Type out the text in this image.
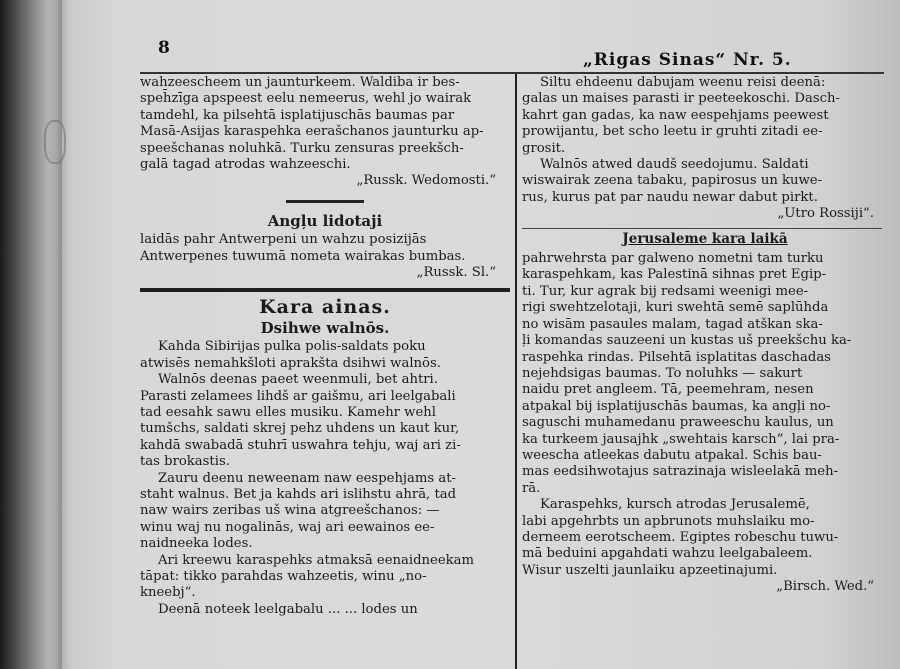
8
„Rigas Sinas“ Nr. 5.

wahzeescheem un jaunturkeem. Waldiba ir bes-

speh̄zīga apspeest eelu nemeerus, wehl jo wairak

tamdehl, ka pilsehtā isplatijuschās baumas par

Masā-Asijas karaspehka eerašchanos jaunturku ap-

speešchanas noluhkā. Turku zensuras preekšch-

galā tagad atrodas wahzeeschi.

„Russk. Wedomosti.“

Angļu lidotaji

laidās pahr Antwerpeni un wahzu posizijās

Antwerpenes tuwumā nometa wairakas bumbas.

„Russk. Sl.“

Kara ainas.

Dsihwe walnōs.

Kahda Sibirijas pulka polis-saldats poku

atwisēs nemahkšloti aprakšta dsihwi walnōs.

Walnōs deenas paeet weenmuli, bet ahtri.

Parasti zelamees lihdš ar gaišmu, ari leelgabali

tad eesahk sawu elles musiku. Kamehr wehl

tumšchs, saldati skrej pehz uhdens un kaut kur,

kahdā swabadā stuhrī uswahra tehju, waj ari zi-

tas brokastis.

Zauru deenu neweenam naw eespehjams at-

staht walnus. Bet ja kahds ari islihstu ahrā, tad

naw wairs zeribas uš wina atgreešchanos: —

winu waj nu nogalinās, waj ari eewainos ee-

naidneeka lodes.

Ari kreewu karaspehks atmaksā eenaidneekam

tāpat: tikko parahdas wahzeetis, winu „no-

kneebj“.

Deenā noteek leelgabalu ... ... lodes un

Siltu ehdeenu dabujam weenu reisi deenā:

galas un maises parasti ir peeteekoschi. Dasch-

kahrt gan gadas, ka naw eespehjams peewest

prowijantu, bet scho leetu ir gruhti zitadi ee-

grosit.

Walnōs atwed daudš seedojumu. Saldati

wiswairak zeena tabaku, papirosus un kuwe-

rus, kurus pat par naudu newar dabut pirkt.

„Utro Rossiji“.

Jerusaleme kara laikā

pahrwehrsta par galweno nometni tam turku

karaspehkam, kas Palestinā sihnas pret Egip-

ti. Tur, kur agrak bij redsami weenigi mee-

rigi swehtzelotaji, kuri swehtā semē saplūhda

no wisām pasaules malam, tagad atškan ska-

ļi komandas sauzeeni un kustas uš preekšchu ka-

raspehka rindas. Pilsehtā isplatitas daschadas

nejehdsigas baumas. To noluhks — sakurt

naidu pret angleem. Tā, peemehram, nesen

atpakal bij isplatijuschās baumas, ka angļi no-

saguschi muhamedanu praweeschu kaulus, un

ka turkeem jausajhk „swehtais karsch“, lai pra-

weescha atleekas dabutu atpakal. Schis bau-

mas eedsihwotajus satrazinaja wisleelakā meh-

rā.

Karaspehks, kursch atrodas Jerusalemē,

labi apgehrbts un apbrunots muhslaiku mo-

derneem eerotscheem. Egiptes robeschu tuwu-

mā beduini apgahdati wahzu leelgabaleem.

Wisur uszelti jaunlaiku apzeetinajumi.

„Birsch. Wed.“
